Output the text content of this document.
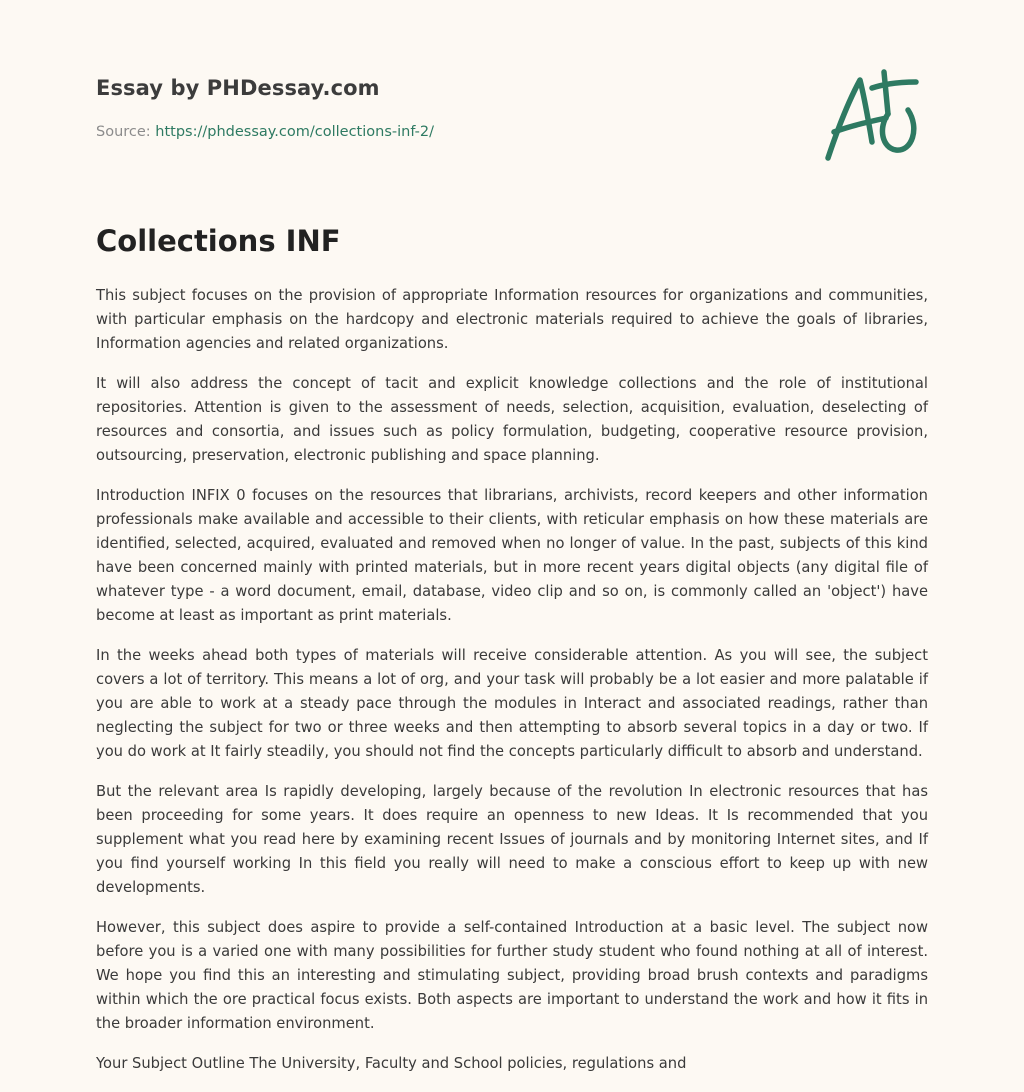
Essay by PHDessay.com

Source: https://phdessay.com/collections-inf-2/

Collections INF

This subject focuses on the provision of appropriate Information resources for organizations and communities, with particular emphasis on the hardcopy and electronic materials required to achieve the goals of libraries, Information agencies and related organizations.

It will also address the concept of tacit and explicit knowledge collections and the role of institutional repositories. Attention is given to the assessment of needs, selection, acquisition, evaluation, deselecting of resources and consortia, and issues such as policy formulation, budgeting, cooperative resource provision, outsourcing, preservation, electronic publishing and space planning.

Introduction INFIX 0 focuses on the resources that librarians, archivists, record keepers and other information professionals make available and accessible to their clients, with reticular emphasis on how these materials are identified, selected, acquired, evaluated and removed when no longer of value. In the past, subjects of this kind have been concerned mainly with printed materials, but in more recent years digital objects (any digital file of whatever type - a word document, email, database, video clip and so on, is commonly called an 'object') have become at least as important as print materials.

In the weeks ahead both types of materials will receive considerable attention. As you will see, the subject covers a lot of territory. This means a lot of org, and your task will probably be a lot easier and more palatable if you are able to work at a steady pace through the modules in Interact and associated readings, rather than neglecting the subject for two or three weeks and then attempting to absorb several topics in a day or two. If you do work at It fairly steadily, you should not find the concepts particularly difficult to absorb and understand.

But the relevant area Is rapidly developing, largely because of the revolution In electronic resources that has been proceeding for some years. It does require an openness to new Ideas. It Is recommended that you supplement what you read here by examining recent Issues of journals and by monitoring Internet sites, and If you find yourself working In this field you really will need to make a conscious effort to keep up with new developments.

However, this subject does aspire to provide a self-contained Introduction at a basic level. The subject now before you is a varied one with many possibilities for further study student who found nothing at all of interest. We hope you find this an interesting and stimulating subject, providing broad brush contexts and paradigms within which the ore practical focus exists. Both aspects are important to understand the work and how it fits in the broader information environment.

Your Subject Outline The University, Faculty and School policies, regulations and
